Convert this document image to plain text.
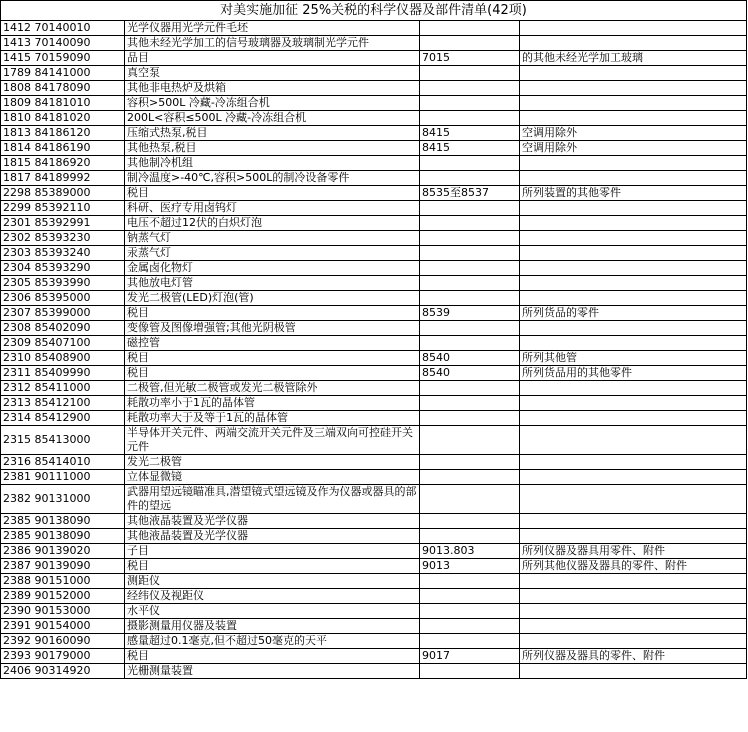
对美实施加征 25%关税的科学仪器及部件清单(42项)			
1412 70140010	光学仪器用光学元件毛坯		
1413 70140090	其他未经光学加工的信号玻璃器及玻璃制光学元件		
1415 70159090	品目	7015	的其他未经光学加工玻璃
1789 84141000	真空泵		
1808 84178090	其他非电热炉及烘箱		
1809 84181010	容积>500L 冷藏-冷冻组合机		
1810 84181020	200L<容积≤500L 冷藏-冷冻组合机		
1813 84186120	压缩式热泵,税目	8415	空调用除外
1814 84186190	其他热泵,税目	8415	空调用除外
1815 84186920	其他制冷机组		
1817 84189992	制冷温度>-40℃,容积>500L的制冷设备零件		
2298 85389000	税目	8535至8537	所列装置的其他零件
2299 85392110	科研、医疗专用卤钨灯		
2301 85392991	电压不超过12伏的白炽灯泡		
2302 85393230	钠蒸气灯		
2303 85393240	汞蒸气灯		
2304 85393290	金属卤化物灯		
2305 85393990	其他放电灯管		
2306 85395000	发光二极管(LED)灯泡(管)		
2307 85399000	税目	8539	所列货品的零件
2308 85402090	变像管及图像增强管;其他光阴极管		
2309 85407100	磁控管		
2310 85408900	税目	8540	所列其他管
2311 85409990	税目	8540	所列货品用的其他零件
2312 85411000	二极管,但光敏二极管或发光二极管除外		
2313 85412100	耗散功率小于1瓦的晶体管		
2314 85412900	耗散功率大于及等于1瓦的晶体管		
2315 85413000	半导体开关元件、两端交流开关元件及三端双向可控硅开关元件		
2316 85414010	发光二极管		
2381 90111000	立体显微镜		
2382 90131000	武器用望远镜瞄准具,潜望镜式望远镜及作为仪器或器具的部件的望远		
2385 90138090	其他液晶装置及光学仪器		
2385 90138090	其他液晶装置及光学仪器		
2386 90139020	子目	9013.803	所列仪器及器具用零件、附件
2387 90139090	税目	9013	所列其他仪器及器具的零件、附件
2388 90151000	测距仪		
2389 90152000	经纬仪及视距仪		
2390 90153000	水平仪		
2391 90154000	摄影测量用仪器及装置		
2392 90160090	感量超过0.1毫克,但不超过50毫克的天平		
2393 90179000	税目	9017	所列仪器及器具的零件、附件
2406 90314920	光栅测量装置		
